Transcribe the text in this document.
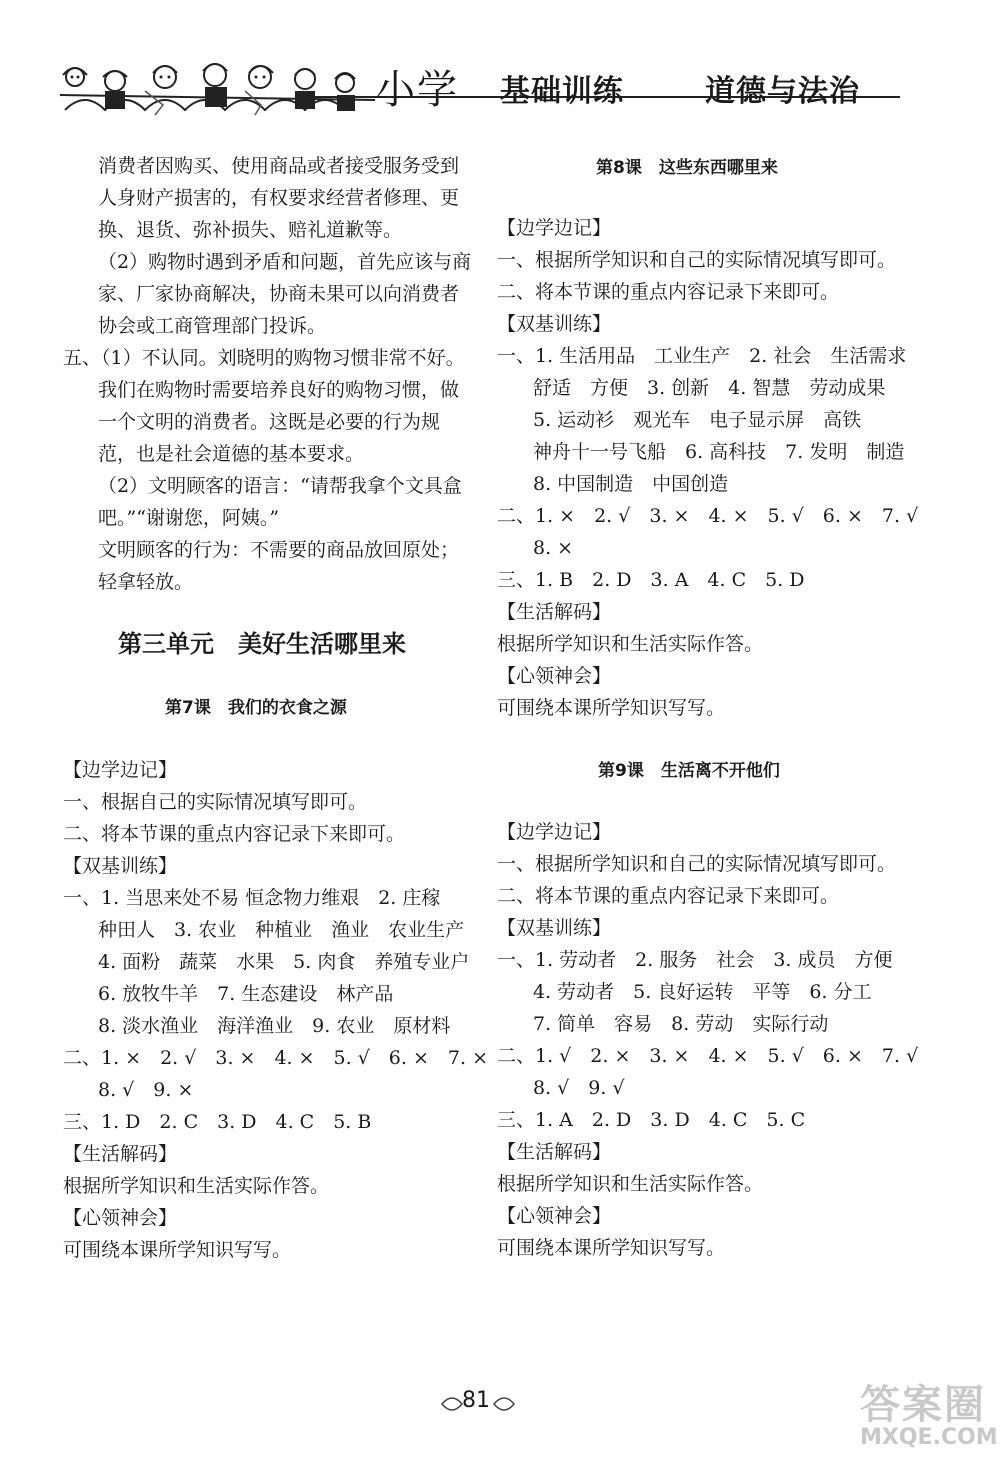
小学 基础训练	道德与法治
消费者因购买、使用商品或者接受服务受到
人身财产损害的，有权要求经营者修理、更
换、退货、弥补损失、赔礼道歉等。
（2）购物时遇到矛盾和问题，首先应该与商
家、厂家协商解决，协商未果可以向消费者
协会或工商管理部门投诉。
五、（1）不认同。刘晓明的购物习惯非常不好。
我们在购物时需要培养良好的购物习惯，做
一个文明的消费者。这既是必要的行为规
范，也是社会道德的基本要求。
（2）文明顾客的语言：“请帮我拿个文具盒
吧。”“谢谢您，阿姨。”
文明顾客的行为：不需要的商品放回原处；
轻拿轻放。
第三单元　美好生活哪里来
第7课　我们的衣食之源
【边学边记】
一、根据自己的实际情况填写即可。
二、将本节课的重点内容记录下来即可。
【双基训练】
一、1. 当思来处不易 恒念物力维艰　2. 庄稼
种田人　3. 农业　种植业　渔业　农业生产
4. 面粉　蔬菜　水果　5. 肉食　养殖专业户
6. 放牧牛羊　7. 生态建设　林产品
8. 淡水渔业　海洋渔业　9. 农业　原材料
二、1. ×　2. √　3. ×　4. ×　5. √　6. ×　7. ×
8. √　9. ×
三、1. D　2. C　3. D　4. C　5. B
【生活解码】
根据所学知识和生活实际作答。
【心领神会】
可围绕本课所学知识写写。
第8课　这些东西哪里来
【边学边记】
一、根据所学知识和自己的实际情况填写即可。
二、将本节课的重点内容记录下来即可。
【双基训练】
一、1. 生活用品　工业生产　2. 社会　生活需求
舒适　方便　3. 创新　4. 智慧　劳动成果
5. 运动衫　观光车　电子显示屏　高铁
神舟十一号飞船　6. 高科技　7. 发明　制造
8. 中国制造　中国创造
二、1. ×　2. √　3. ×　4. ×　5. √　6. ×　7. √
8. ×
三、1. B　2. D　3. A　4. C　5. D
【生活解码】
根据所学知识和生活实际作答。
【心领神会】
可围绕本课所学知识写写。
第9课　生活离不开他们
【边学边记】
一、根据所学知识和自己的实际情况填写即可。
二、将本节课的重点内容记录下来即可。
【双基训练】
一、1. 劳动者　2. 服务　社会　3. 成员　方便
4. 劳动者　5. 良好运转　平等　6. 分工
7. 简单　容易　8. 劳动　实际行动
二、1. √　2. ×　3. ×　4. ×　5. √　6. ×　7. √
8. √　9. √
三、1. A　2. D　3. D　4. C　5. C
【生活解码】
根据所学知识和生活实际作答。
【心领神会】
可围绕本课所学知识写写。
81	答案圈
MXQE.COM
